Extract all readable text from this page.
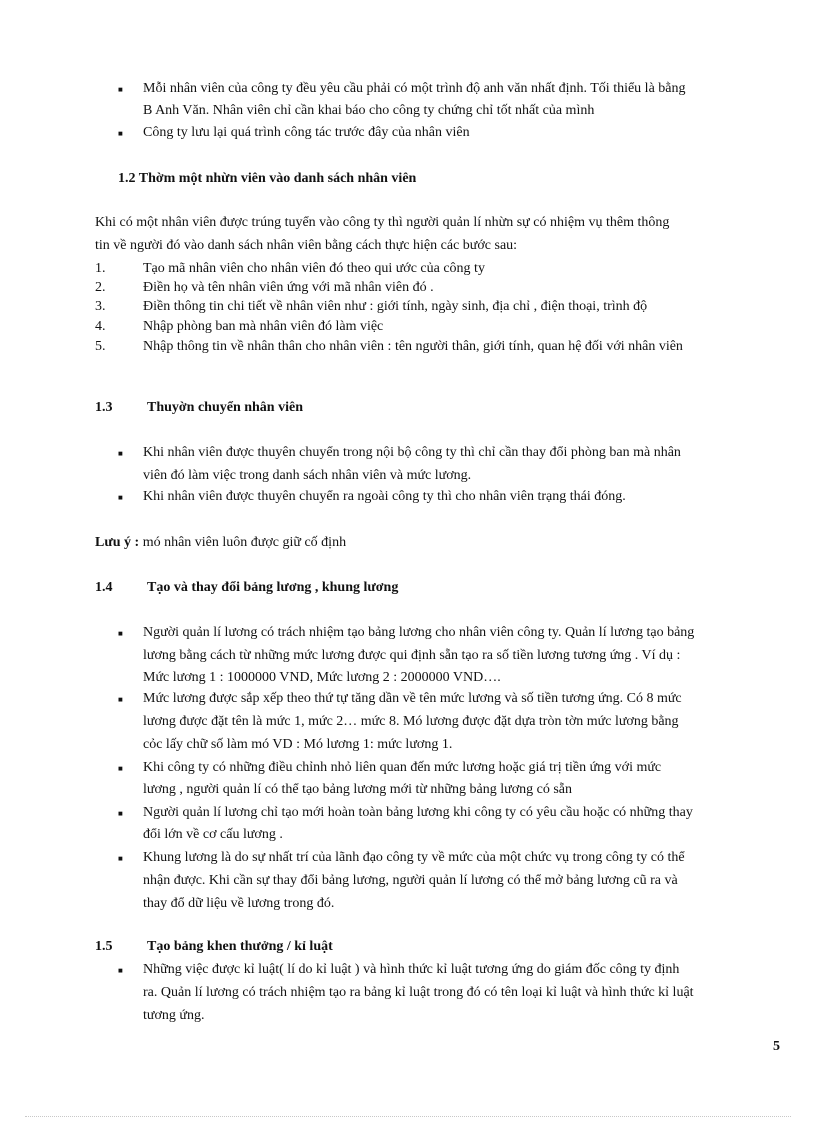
■ Mỗi nhân viên của công ty đều yêu cầu phải có một trình độ anh văn nhất định. Tối thiểu là bằng
B Anh Văn. Nhân viên chỉ cần khai báo cho công ty chứng chỉ tốt nhất của mình
■ Công ty lưu lại quá trình công tác trước đây của nhân viên
1.2 Thờm một nhừn viên vào danh sách nhân viên
Khi có một nhân viên được trúng tuyển vào công ty thì người quản lí nhừn sự có nhiệm vụ thêm thông
tin về người đó vào danh sách nhân viên bằng cách thực hiện các bước sau:
1.	Tạo mã nhân viên cho nhân viên đó theo qui ước của công ty
2.	Điền họ và tên nhân viên ứng với mã nhân viên đó .
3.	Điền thông tin chi tiết về nhân viên như : giới tính, ngày sinh, địa chỉ , điện thoại, trình độ
4.	Nhập phòng ban mà nhân viên đó làm việc
5.	Nhập thông tin về nhân thân cho nhân viên : tên người thân, giới tính, quan hệ đối với nhân viên
1.3 Thuyờn chuyển nhân viên
■ Khi nhân viên được thuyên chuyển trong nội bộ công ty thì chỉ cần thay đổi phòng ban mà nhân
viên đó làm việc trong danh sách nhân viên và mức lương.
■ Khi nhân viên được thuyên chuyển ra ngoài công ty thì cho nhân viên trạng thái đóng.
Lưu ý : mó nhân viên luôn được giữ cố định
1.4 Tạo và thay đổi bảng lương , khung lương
■ Người quản lí lương có trách nhiệm tạo bảng lương cho nhân viên công ty. Quản lí lương tạo bảng
lương bằng cách từ những mức lương được qui định sẵn tạo ra số tiền lương tương ứng . Ví dụ :
Mức lương 1 : 1000000 VND, Mức lương 2 : 2000000 VND….
■ Mức lương được sắp xếp theo thứ tự tăng dần về tên mức lương và số tiền tương ứng. Có 8 mức
lương được đặt tên là mức 1, mức 2… mức 8. Mó lương được đặt dựa tròn tờn mức lương bằng
cỏc lấy chữ số làm mó VD : Mó lương 1: mức lương 1.
■ Khi công ty có những điều chỉnh nhỏ liên quan đến mức lương hoặc giá trị tiền ứng với mức
lương , người quản lí có thể tạo bảng lương mới từ những bảng lương có sẵn
■ Người quản lí lương chỉ tạo mới hoàn toàn bảng lương khi công ty có yêu cầu hoặc có những thay
đổi lớn về cơ cấu lương .
■ Khung lương là do sự nhất trí của lãnh đạo công ty về mức của một chức vụ trong công ty có thể
nhận được. Khi cần sự thay đổi bảng lương, người quản lí lương có thể mở bảng lương cũ ra và
thay đổ dữ liệu về lương trong đó.
1.5 Tạo bảng khen thưởng / kỉ luật
■ Những việc được kỉ luật( lí do kỉ luật ) và hình thức kỉ luật tương ứng do giám đốc công ty định
ra. Quản lí lương có trách nhiệm tạo ra bảng kỉ luật trong đó có tên loại kỉ luật và hình thức kỉ luật
tương ứng.
5
